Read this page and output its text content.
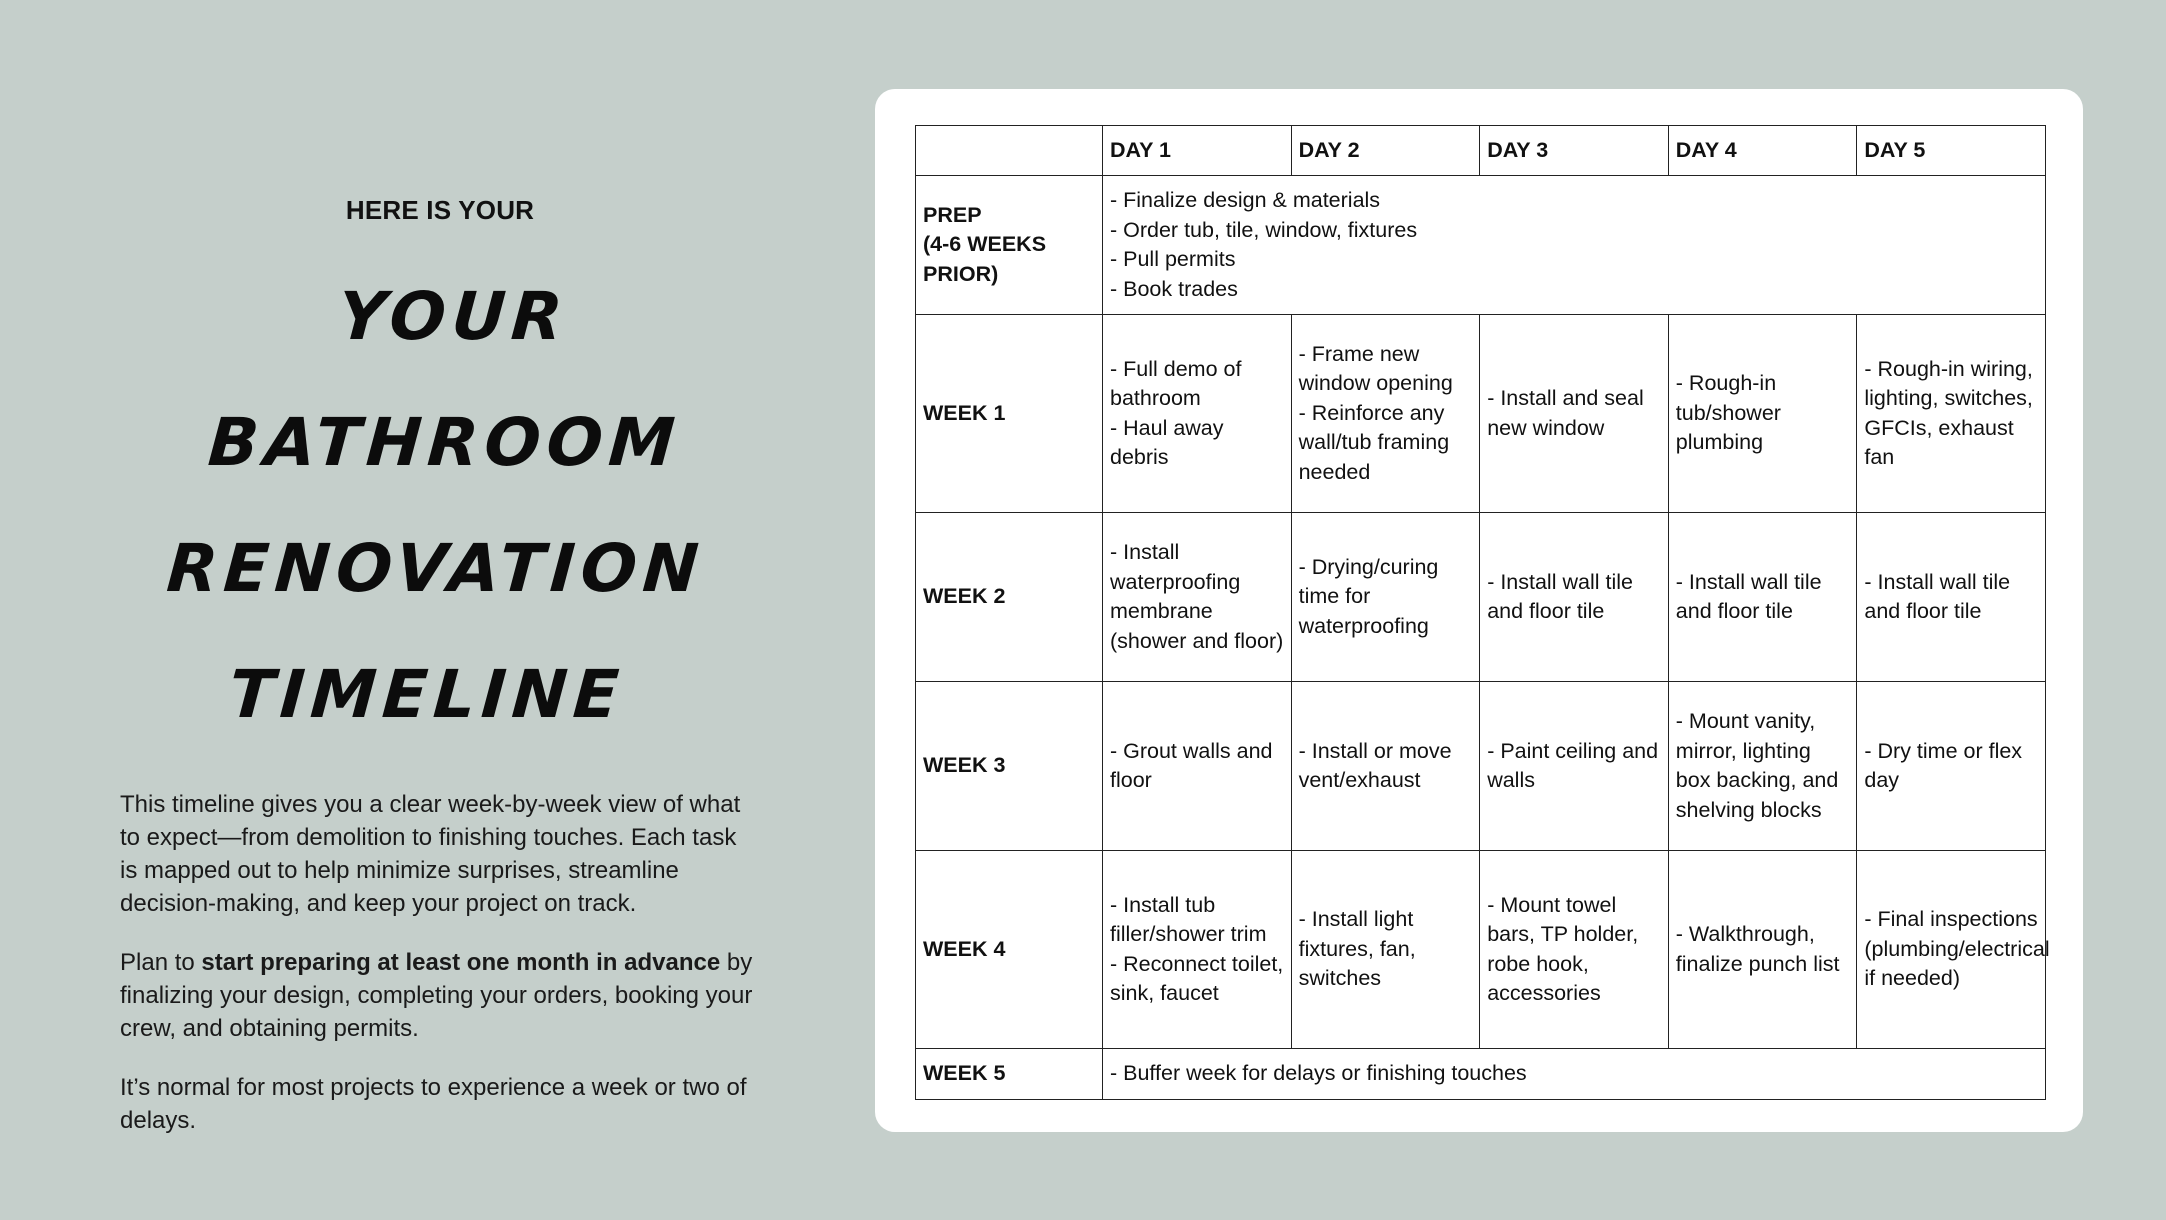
HERE IS YOUR
YOUR BATHROOM
RENOVATION
TIMELINE

This timeline gives you a clear week-by-week view of what to expect—from demolition to finishing touches. Each task is mapped out to help minimize surprises, streamline decision-making, and keep your project on track.

Plan to start preparing at least one month in advance by finalizing your design, completing your orders, booking your crew, and obtaining permits.

It’s normal for most projects to experience a week or two of delays.

	DAY 1	DAY 2	DAY 3	DAY 4	DAY 5

PREP
(4-6 WEEKS
PRIOR)	- Finalize design & materials
- Order tub, tile, window, fixtures
- Pull permits
- Book trades				

WEEK 1	- Full demo of bathroom
- Haul away debris	- Frame new window opening
- Reinforce any wall/tub framing needed	- Install and seal new window	- Rough-in tub/shower plumbing	- Rough-in wiring, lighting, switches, GFCIs, exhaust fan

WEEK 2	- Install waterproofing membrane (shower and floor)	- Drying/curing time for waterproofing	- Install wall tile and floor tile	- Install wall tile and floor tile	- Install wall tile and floor tile

WEEK 3	- Grout walls and floor	- Install or move vent/exhaust	- Paint ceiling and walls	- Mount vanity, mirror, lighting box backing, and shelving blocks	- Dry time or flex day

WEEK 4	- Install tub filler/shower trim
- Reconnect toilet, sink, faucet	- Install light fixtures, fan, switches	- Mount towel bars, TP holder, robe hook, accessories	- Walkthrough, finalize punch list	- Final inspections (plumbing/electrical if needed)

WEEK 5	- Buffer week for delays or finishing touches				
